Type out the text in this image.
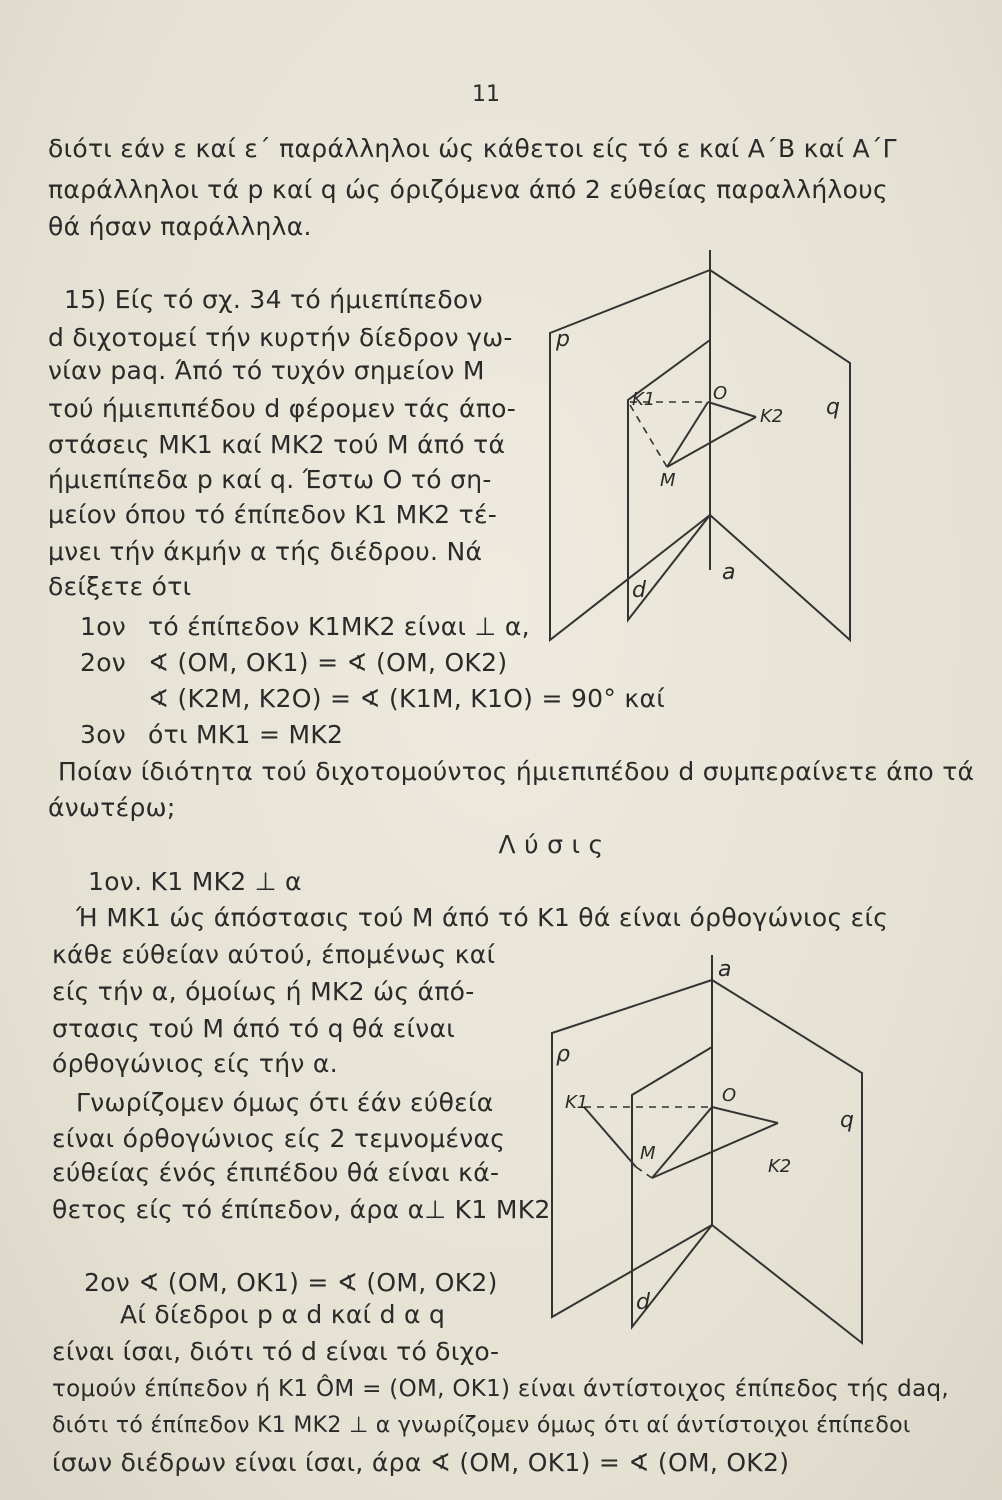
11
διότι εάν ε καί ε΄ παράλληλοι ώς κάθετοι είς τό ε καί Α΄Β καί Α΄Γ
παράλληλοι τά p καί q ώς όριζόμενα άπό 2 εύθείας παραλλήλους
θά ήσαν παράλληλα.
15) Είς τό σχ. 34 τό ήμιεπίπεδον
d διχοτομεί τήν κυρτήν δίεδρον γω-
νίαν paq. Άπό τό τυχόν σημείον Μ
τού ήμιεπιπέδου d φέρομεν τάς άπο-
στάσεις ΜΚ1 καί ΜΚ2 τού Μ άπό τά
ήμιεπίπεδα p καί q. Έστω Ο τό ση-
μείον όπου τό έπίπεδον Κ1 ΜΚ2 τέ-
μνει τήν άκμήν α τής διέδρου. Νά
δείξετε ότι
p
q
K1
K2
O
M
a
d
1ον τό έπίπεδον Κ1ΜΚ2 είναι ⊥ α,
2ον ∢ (ΟΜ, ΟΚ1) = ∢ (ΟΜ, ΟΚ2)
∢ (Κ2Μ, Κ2Ο) = ∢ (Κ1Μ, Κ1Ο) = 90° καί
3ον ότι ΜΚ1 = ΜΚ2
Ποίαν ίδιότητα τού διχοτομούντος ήμιεπιπέδου d συμπεραίνετε άπο τά
άνωτέρω;
Λ ύ σ ι ς
1ον. Κ1 ΜΚ2 ⊥ α
Ή ΜΚ1 ώς άπόστασις τού Μ άπό τό Κ1 θά είναι όρθογώνιος είς
κάθε εύθείαν αύτού, έπομένως καί
είς τήν α, όμοίως ή ΜΚ2 ώς άπό-
στασις τού Μ άπό τό q θά είναι
όρθογώνιος είς τήν α.
Γνωρίζομεν όμως ότι έάν εύθεία
είναι όρθογώνιος είς 2 τεμνομένας
εύθείας ένός έπιπέδου θά είναι κά-
θετος είς τό έπίπεδον, άρα α⊥ Κ1 ΜΚ2
a
ρ
q
K1
K2
O
M
d
2ον ∢ (ΟΜ, ΟΚ1) = ∢ (ΟΜ, ΟΚ2)
Αί δίεδροι p α d καί d α q
είναι ίσαι, διότι τό d είναι τό διχο-
τομούν έπίπεδον ή Κ1 ÔΜ = (ΟΜ, ΟΚ1) είναι άντίστοιχος έπίπεδος τής daq,
διότι τό έπίπεδον Κ1 ΜΚ2 ⊥ α γνωρίζομεν όμως ότι αί άντίστοιχοι έπίπεδοι
ίσων διέδρων είναι ίσαι, άρα ∢ (ΟΜ, ΟΚ1) = ∢ (ΟΜ, ΟΚ2)
